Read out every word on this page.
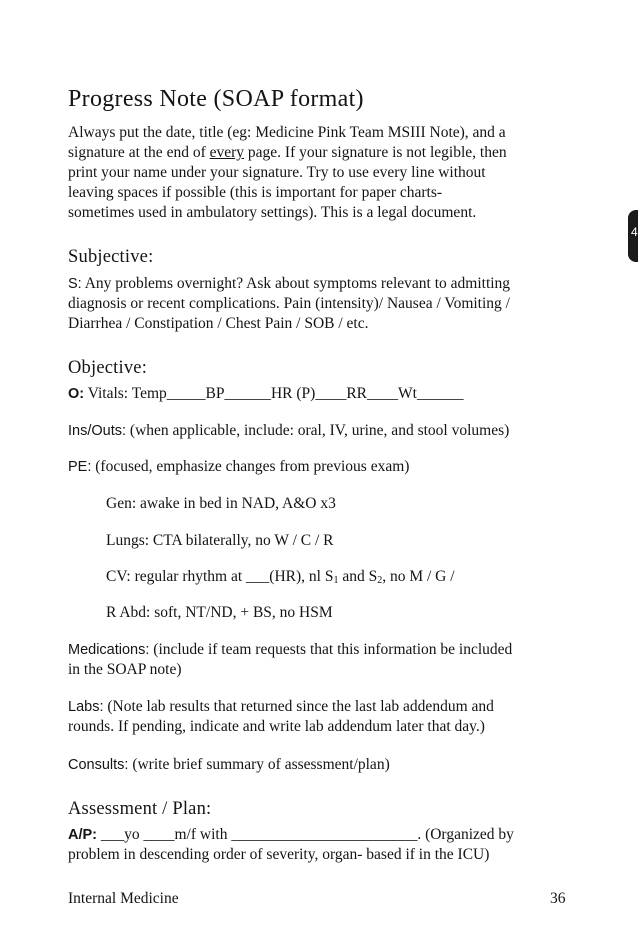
4
Progress Note (SOAP format)
Always put the date, title (eg: Medicine Pink Team MSIII Note), and a
signature at the end of every page. If your signature is not legible, then
print your name under your signature. Try to use every line without
leaving spaces if possible (this is important for paper charts-
sometimes used in ambulatory settings). This is a legal document.
Subjective:
S: Any problems overnight? Ask about symptoms relevant to admitting
diagnosis or recent complications. Pain (intensity)/ Nausea / Vomiting /
Diarrhea / Constipation / Chest Pain / SOB / etc.
Objective:
O: Vitals: Temp_____BP______HR (P)____RR____Wt______
Ins/Outs: (when applicable, include: oral, IV, urine, and stool volumes)
PE: (focused, emphasize changes from previous exam)
Gen: awake in bed in NAD, A&O x3
Lungs: CTA bilaterally, no W / C / R
CV: regular rhythm at ___(HR), nl $S_1$ and $S_2$, no M / G /
R Abd: soft, NT/ND, + BS, no HSM
Medications: (include if team requests that this information be included
in the SOAP note)
Labs: (Note lab results that returned since the last lab addendum and
rounds. If pending, indicate and write lab addendum later that day.)
Consults: (write brief summary of assessment/plan)
Assessment / Plan:
A/P: ___yo ____m/f with ________________________. (Organized by
problem in descending order of severity, organ- based if in the ICU)
Internal Medicine	36
